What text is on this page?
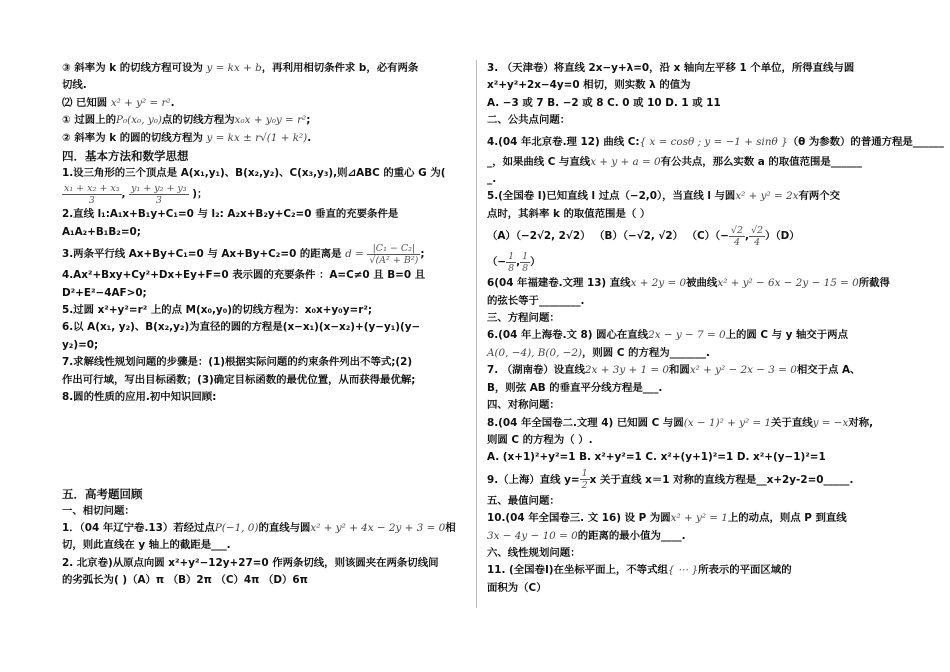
③ 斜率为 k 的切线方程可设为 y = kx + b，再利用相切条件求 b，必有两条
切线.
⑵ 已知圆 x² + y² = r².
① 过圆上的P₀(x₀, y₀)点的切线方程为x₀x + y₀y = r²;
② 斜率为 k 的圆的切线方程为 y = kx ± r√(1 + k²).
四．基本方法和数学思想
1.设三角形的三个顶点是 A(x₁,y₁)、B(x₂,y₂)、C(x₃,y₃),则⊿ABC 的重心 G 为(
$\frac{\text{x₁ + x₂ + x₃}}{3}$ , $\frac{\text{y₁ + y₂ + y₃}}{3}$ )；
2.直线 l₁:A₁x+B₁y+C₁=0 与 l₂: A₂x+B₂y+C₂=0 垂直的充要条件是
A₁A₂+B₁B₂=0;
3.两条平行线 Ax+By+C₁=0 与 Ax+By+C₂=0 的距离是 $d = \frac{\text{|C₁ − C₂|}}{\text{√(A² + B²)}}$ ;
4.Ax²+Bxy+Cy²+Dx+Ey+F=0 表示圆的充要条件 ：A=C≠0 且 B=0 且
D²+E²−4AF>0;
5.过圆 x²+y²=r² 上的点 M(x₀,y₀)的切线方程为：x₀x+y₀y=r²;
6.以 A(x₁, y₂)、B(x₂,y₂)为直径的圆的方程是(x−x₁)(x−x₂)+(y−y₁)(y−
y₂)=0;
7.求解线性规划问题的步骤是：(1)根据实际问题的约束条件列出不等式;(2)
作出可行域，写出目标函数；(3)确定目标函数的最优位置，从而获得最优解;
8.圆的性质的应用.初中知识回顾:
五．高考题回顾
一、相切问题：
1．（04 年辽宁卷.13）若经过点P(−1, 0)的直线与圆x² + y² + 4x − 2y + 3 = 0相
切，则此直线在 y 轴上的截距是___.
2. 北京卷)从原点向圆 x²+y²−12y+27=0 作两条切线，则该圆夹在两条切线间
的劣弧长为( )（A）π （B）2π （C）4π （D）6π
3. （天津卷）将直线 2x−y+λ=0，沿 x 轴向左平移 1 个单位，所得直线与圆
x²+y²+2x−4y=0 相切，则实数 λ 的值为
A. −3 或 7 B. −2 或 8 C. 0 或 10 D. 1 或 11
二、公共点问题：
4.(04 年北京卷.理 12) 曲线 C:{ x = cosθ ; y = −1 + sinθ }（θ 为参数）的普通方程是______
_，如果曲线 C 与直线x + y + a = 0有公共点，那么实数 a 的取值范围是______
_.
5.(全国卷 I)已知直线 l 过点（−2,0），当直线 l 与圆x² + y² = 2x有两个交
点时，其斜率 k 的取值范围是（ ）
（A）（−2√2, 2√2） （B）（−√2, √2） $(C)(- \frac{√2}{4}$ , $\frac{√2}{4} )(D)$
（− $\frac{1}{8}$ , $\frac{1}{8}$ ）
6(04 年福建卷.文理 13) 直线x + 2y = 0被曲线x² + y² − 6x − 2y − 15 = 0所截得
的弦长等于________.
三、方程问题：
6.(04 年上海卷.文 8) 圆心在直线2x − y − 7 = 0上的圆 C 与 y 轴交于两点
A(0, −4), B(0, −2)，则圆 C 的方程为_______.
7. （湖南卷）设直线2x + 3y + 1 = 0和圆x² + y² − 2x − 3 = 0相交于点 A、
B，则弦 AB 的垂直平分线方程是___.
四、对称问题：
8.(04 年全国卷二.文理 4) 已知圆 C 与圆(x − 1)² + y² = 1关于直线y = −x对称,
则圆 C 的方程为（ ）.
A. (x+1)²+y²=1 B. x²+y²=1 C. x²+(y+1)²=1 D. x²+(y−1)²=1
9.（上海）直线 $y= \frac{1}{2}$ x 关于直线 x＝1 对称的直线方程是__x+2y-2=0_____.
五、最值问题：
10.(04 年全国卷三. 文 16) 设 P 为圆x² + y² = 1上的动点，则点 P 到直线
3x − 4y − 10 = 0的距离的最小值为____.
六、线性规划问题：
11. (全国卷Ⅰ)在坐标平面上，不等式组{ ⋯ }所表示的平面区域的
面积为（C）
